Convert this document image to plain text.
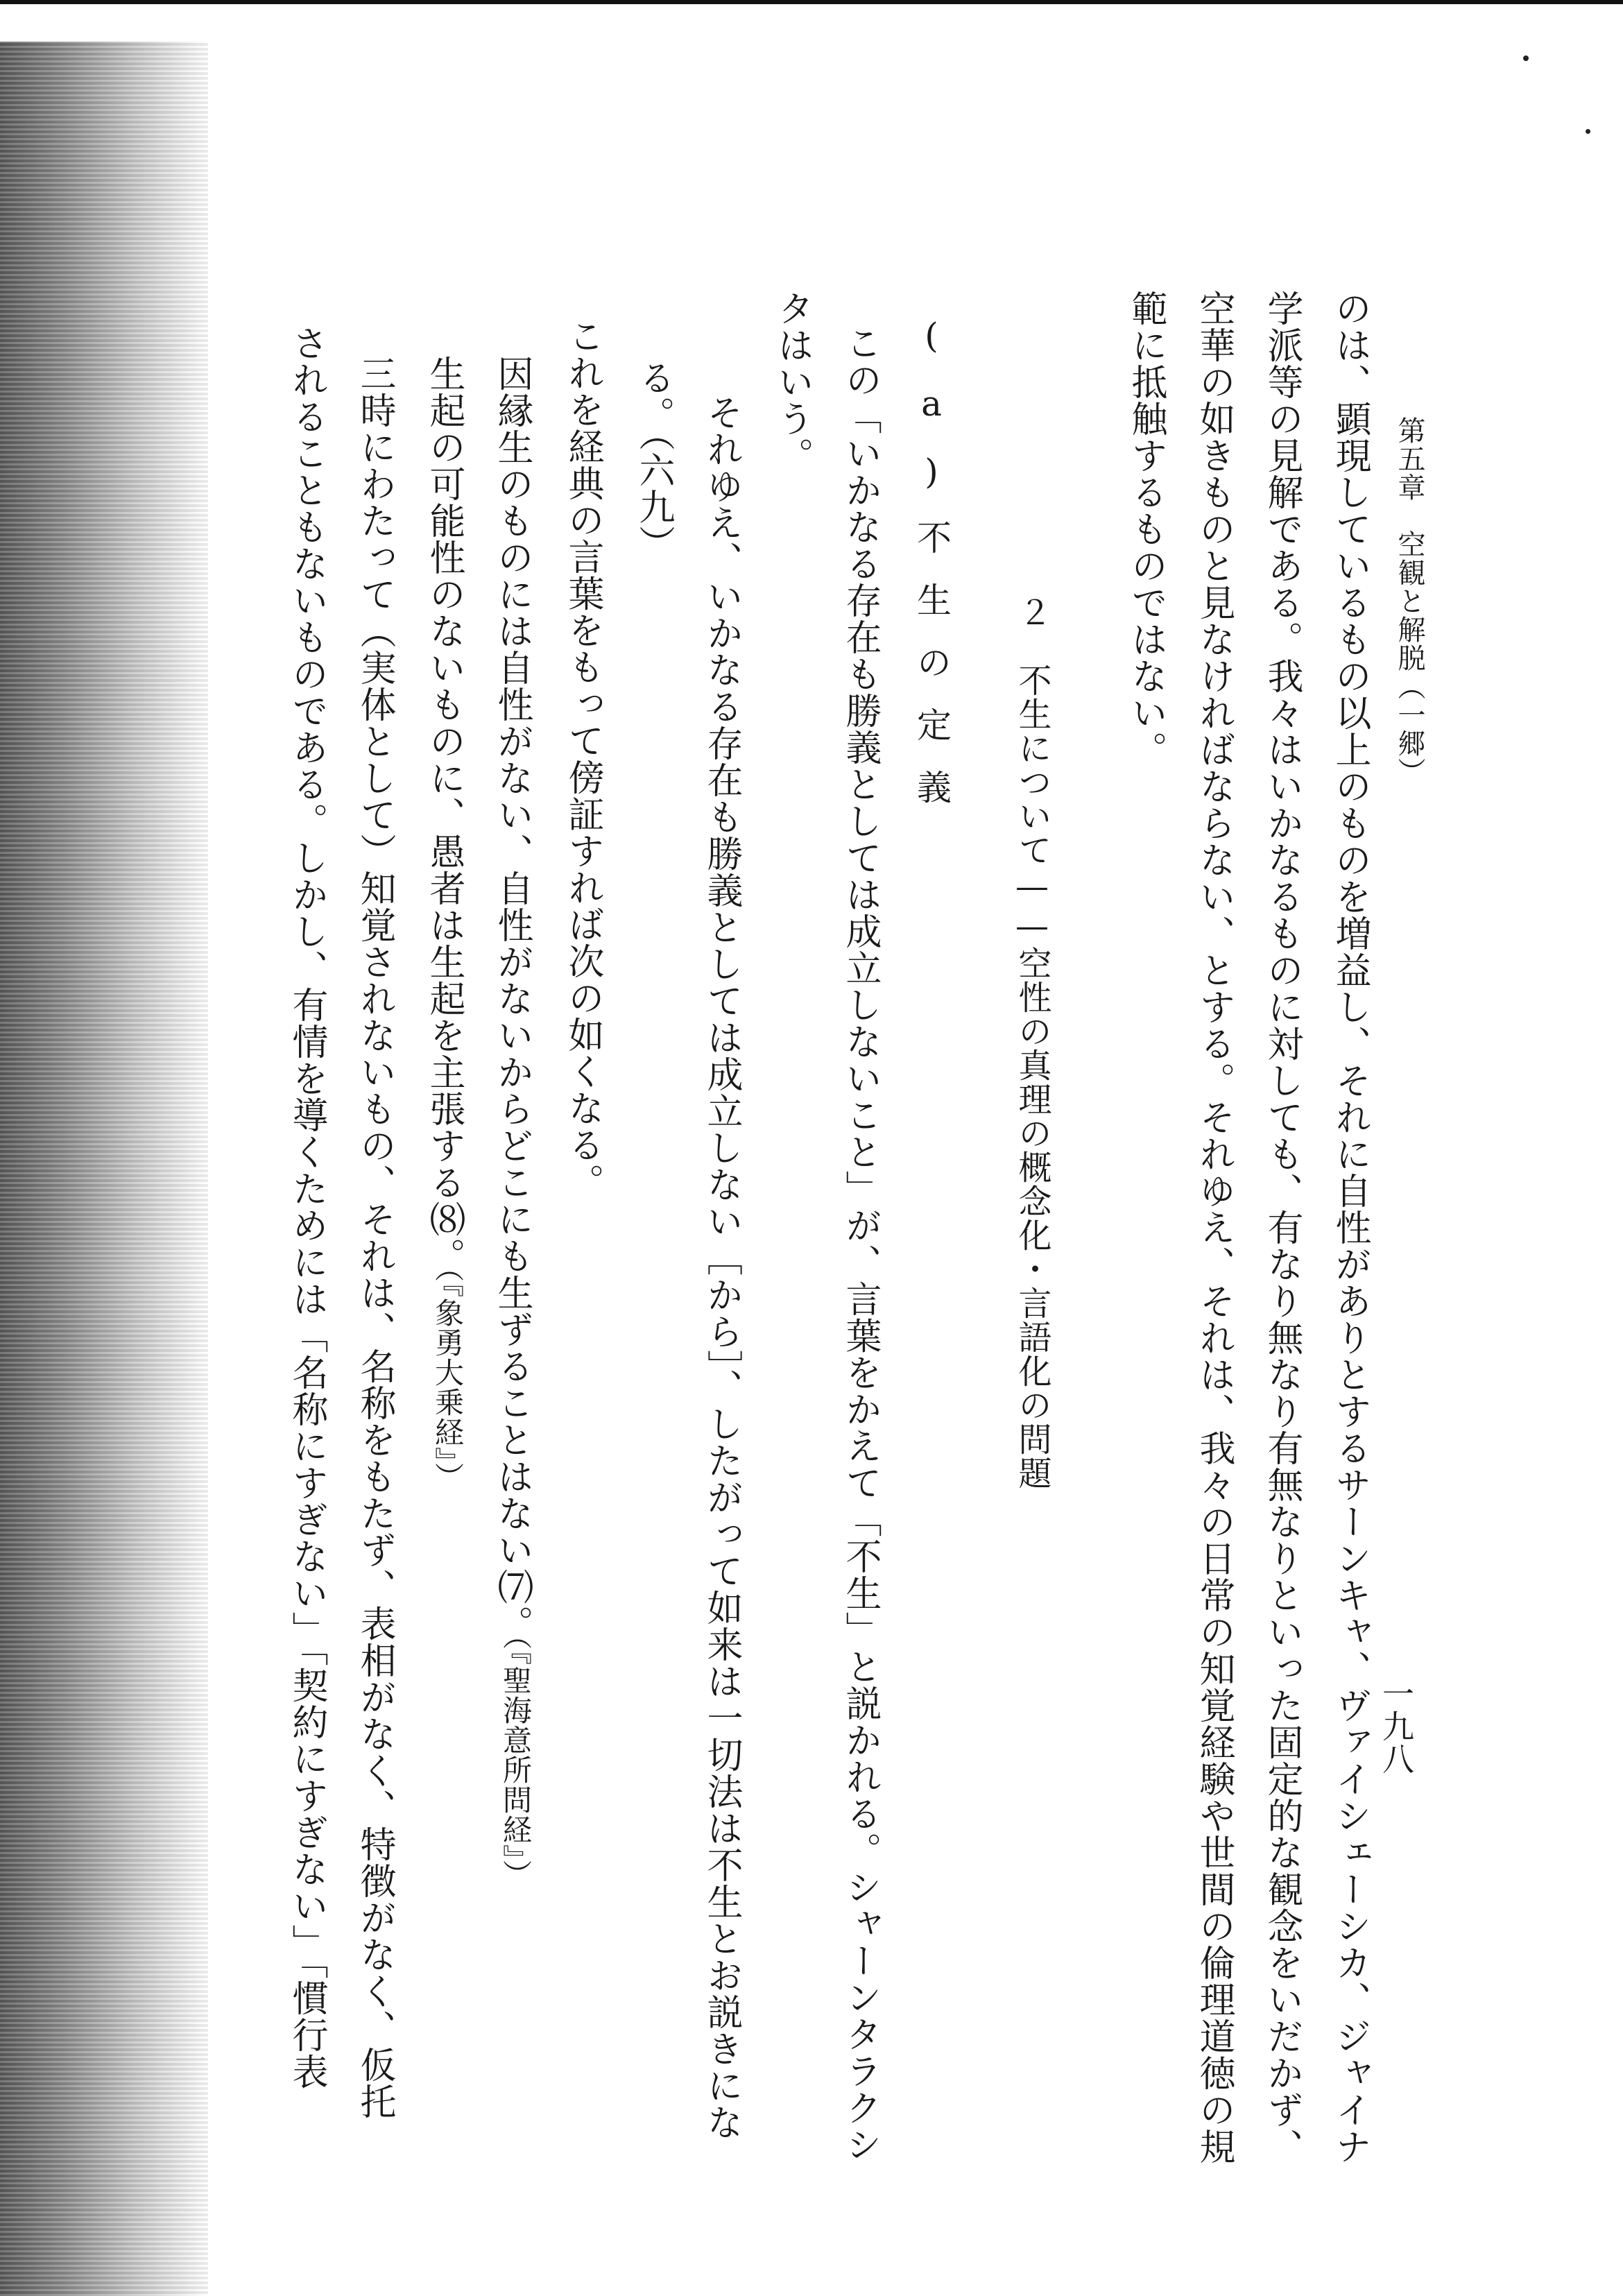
第五章　空観と解脱（一郷）
一九八
のは、顕現しているもの以上のものを増益し、それに自性がありとするサーンキャ、ヴァイシェーシカ、ジャイナ
学派等の見解である。我々はいかなるものに対しても、有なり無なり有無なりといった固定的な観念をいだかず、
空華の如きものと見なければならない、とする。それゆえ、それは、我々の日常の知覚経験や世間の倫理道徳の規
範に抵触するものではない。
２　不生について——空性の真理の概念化・言語化の問題
(a)不生の定義
この「いかなる存在も勝義としては成立しないこと」が、言葉をかえて「不生」と説かれる。シャーンタラクシ
タはいう。
それゆえ、いかなる存在も勝義としては成立しない［から］、したがって如来は一切法は不生とお説きにな
る。（六九）
これを経典の言葉をもって傍証すれば次の如くなる。
因縁生のものには自性がない、自性がないからどこにも生ずることはない⑺。
（『聖海意所問経』）
生起の可能性のないものに、愚者は生起を主張する⑻。
（『象勇大乗経』）
三時にわたって（実体として）知覚されないもの、それは、名称をもたず、表相がなく、特徴がなく、仮托
されることもないものである。しかし、有情を導くためには「名称にすぎない」「契約にすぎない」「慣行表
